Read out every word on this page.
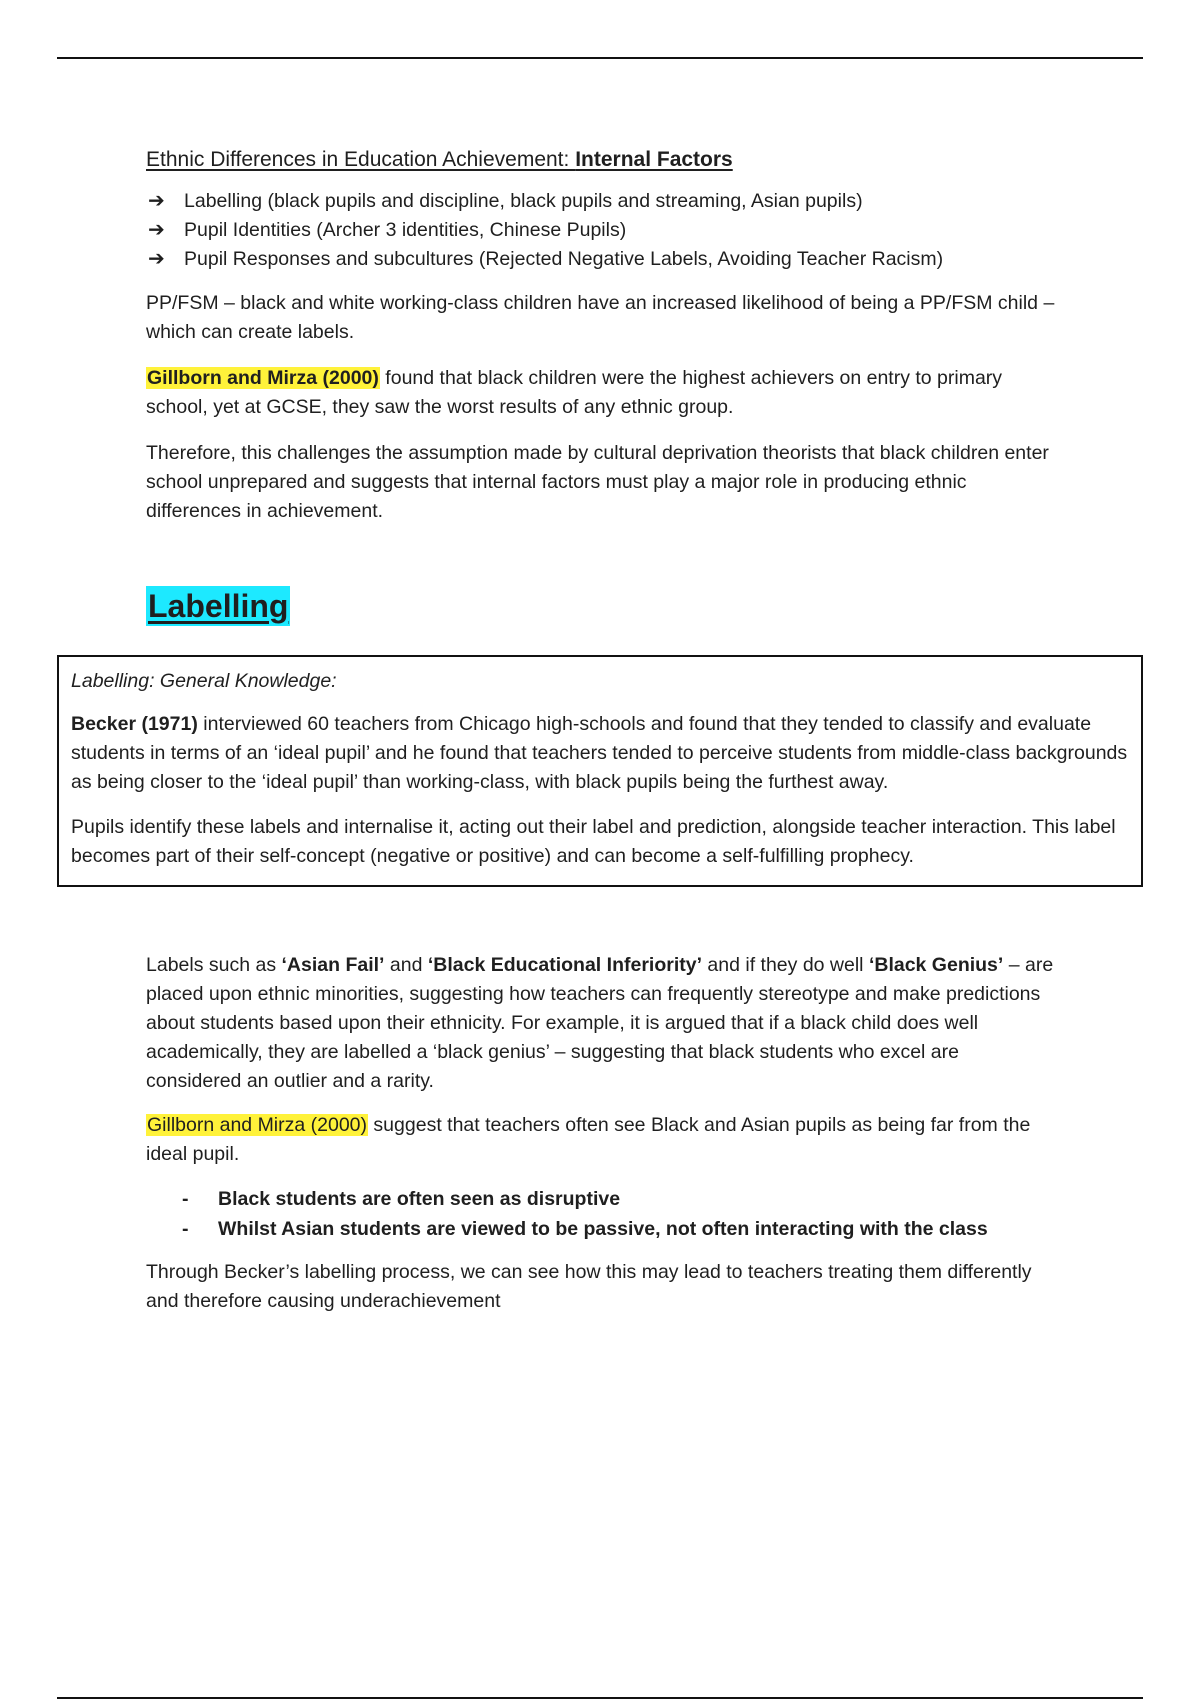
Ethnic Differences in Education Achievement: Internal Factors

➔ Labelling (black pupils and discipline, black pupils and streaming, Asian pupils)
➔ Pupil Identities (Archer 3 identities, Chinese Pupils)
➔ Pupil Responses and subcultures (Rejected Negative Labels, Avoiding Teacher Racism)

PP/FSM – black and white working-class children have an increased likelihood of being a PP/FSM child – which can create labels.

Gillborn and Mirza (2000) found that black children were the highest achievers on entry to primary school, yet at GCSE, they saw the worst results of any ethnic group.

Therefore, this challenges the assumption made by cultural deprivation theorists that black children enter school unprepared and suggests that internal factors must play a major role in producing ethnic differences in achievement.

Labelling

Labelling: General Knowledge:

Becker (1971) interviewed 60 teachers from Chicago high-schools and found that they tended to classify and evaluate students in terms of an ‘ideal pupil’ and he found that teachers tended to perceive students from middle-class backgrounds as being closer to the ‘ideal pupil’ than working-class, with black pupils being the furthest away.

Pupils identify these labels and internalise it, acting out their label and prediction, alongside teacher interaction. This label becomes part of their self-concept (negative or positive) and can become a self-fulfilling prophecy.

Labels such as ‘Asian Fail’ and ‘Black Educational Inferiority’ and if they do well ‘Black Genius’ – are placed upon ethnic minorities, suggesting how teachers can frequently stereotype and make predictions about students based upon their ethnicity. For example, it is argued that if a black child does well academically, they are labelled a ‘black genius’ – suggesting that black students who excel are considered an outlier and a rarity.

Gillborn and Mirza (2000) suggest that teachers often see Black and Asian pupils as being far from the ideal pupil.

- Black students are often seen as disruptive
- Whilst Asian students are viewed to be passive, not often interacting with the class

Through Becker’s labelling process, we can see how this may lead to teachers treating them differently and therefore causing underachievement
